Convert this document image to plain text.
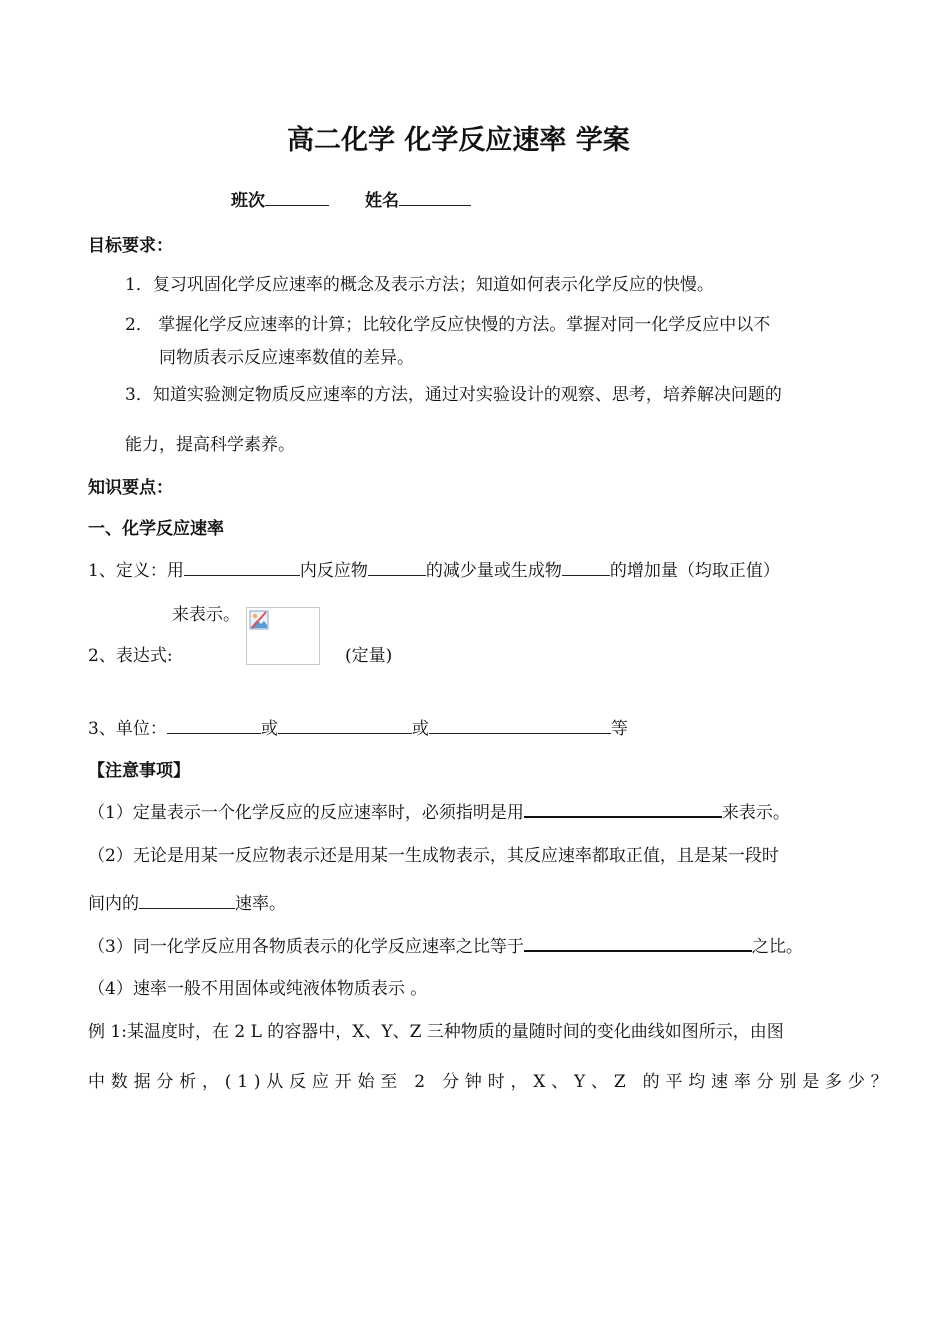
高二化学 化学反应速率 学案
班次	姓名
目标要求：
1．复习巩固化学反应速率的概念及表示方法；知道如何表示化学反应的快慢。
2． 掌握化学反应速率的计算；比较化学反应快慢的方法。掌握对同一化学反应中以不
同物质表示反应速率数值的差异。
3．知道实验测定物质反应速率的方法，通过对实验设计的观察、思考，培养解决问题的
能力，提高科学素养。
知识要点：
一、化学反应速率
1、定义：用	内反应物	的减少量或生成物	的增加量（均取正值）
来表示。
2、表达式:	(定量)
3、单位：	或	或	等
【注意事项】
（1）定量表示一个化学反应的反应速率时，必须指明是用	来表示。
（2）无论是用某一反应物表示还是用某一生成物表示，其反应速率都取正值，且是某一段时
间内的	速率。
（3）同一化学反应用各物质表示的化学反应速率之比等于	之比。
（4）速率一般不用固体或纯液体物质表示 。
例 1:某温度时，在 2 L 的容器中，X、Y、Z 三种物质的量随时间的变化曲线如图所示，由图
中数据分析，(1)从反应开始至 2 分钟时，X、Y、Z 的平均速率分别是多少？
